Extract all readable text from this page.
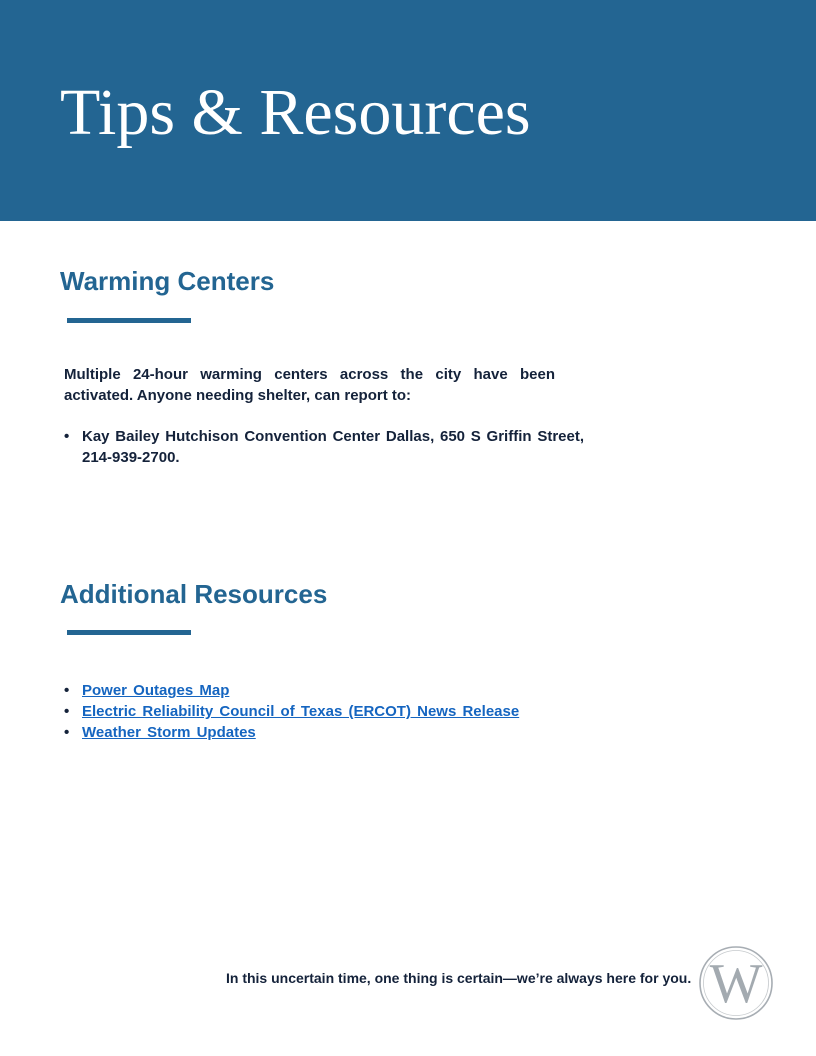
Tips & Resources
Warming Centers

Multiple 24-hour warming centers across the city have been activated. Anyone needing shelter, can report to:

• Kay Bailey Hutchison Convention Center Dallas, 650 S Griffin Street, 214-939-2700.
Additional Resources
• Power Outages Map
• Electric Reliability Council of Texas (ERCOT) News Release
• Weather Storm Updates

In this uncertain time, one thing is certain—we’re always here for you. W
